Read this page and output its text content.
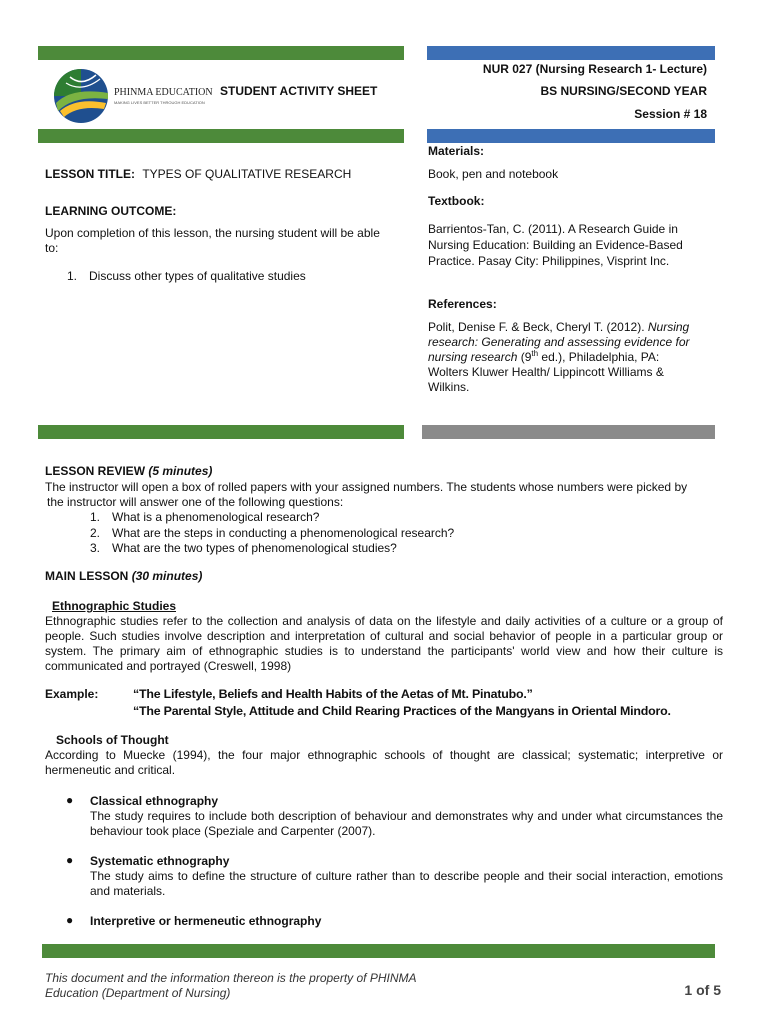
PHINMA EDUCATION
MAKING LIVES BETTER THROUGH EDUCATION
STUDENT ACTIVITY SHEET
NUR 027 (Nursing Research 1- Lecture)
BS NURSING/SECOND YEAR
Session # 18
LESSON TITLE: TYPES OF QUALITATIVE RESEARCH
LEARNING OUTCOME:
Upon completion of this lesson, the nursing student will be able
to:
1. Discuss other types of qualitative studies
Materials:
Book, pen and notebook
Textbook:
Barrientos-Tan, C. (2011). A Research Guide in
Nursing Education: Building an Evidence-Based
Practice. Pasay City: Philippines, Visprint Inc.
References:
Polit, Denise F. & Beck, Cheryl T. (2012). Nursing
research: Generating and assessing evidence for
nursing research (9th ed.), Philadelphia, PA:
Wolters Kluwer Health/ Lippincott Williams &
Wilkins.
LESSON REVIEW (5 minutes)
The instructor will open a box of rolled papers with your assigned numbers. The students whose numbers were picked by
the instructor will answer one of the following questions:
1. What is a phenomenological research?
2. What are the steps in conducting a phenomenological research?
3. What are the two types of phenomenological studies?
MAIN LESSON (30 minutes)
Ethnographic Studies
Ethnographic studies refer to the collection and analysis of data on the lifestyle and daily activities of a culture or a group of people. Such studies involve description and interpretation of cultural and social behavior of people in a particular group or system. The primary aim of ethnographic studies is to understand the participants' world view and how their culture is communicated and portrayed (Creswell, 1998)
Example:	“The Lifestyle, Beliefs and Health Habits of the Aetas of Mt. Pinatubo.”
“The Parental Style, Attitude and Child Rearing Practices of the Mangyans in Oriental Mindoro.
Schools of Thought
According to Muecke (1994), the four major ethnographic schools of thought are classical; systematic; interpretive or hermeneutic and critical.
● Classical ethnography
The study requires to include both description of behaviour and demonstrates why and under what circumstances the behaviour took place (Speziale and Carpenter (2007).
● Systematic ethnography
The study aims to define the structure of culture rather than to describe people and their social interaction, emotions and materials.
● Interpretive or hermeneutic ethnography
This document and the information thereon is the property of PHINMA
Education (Department of Nursing)	1 of 5
